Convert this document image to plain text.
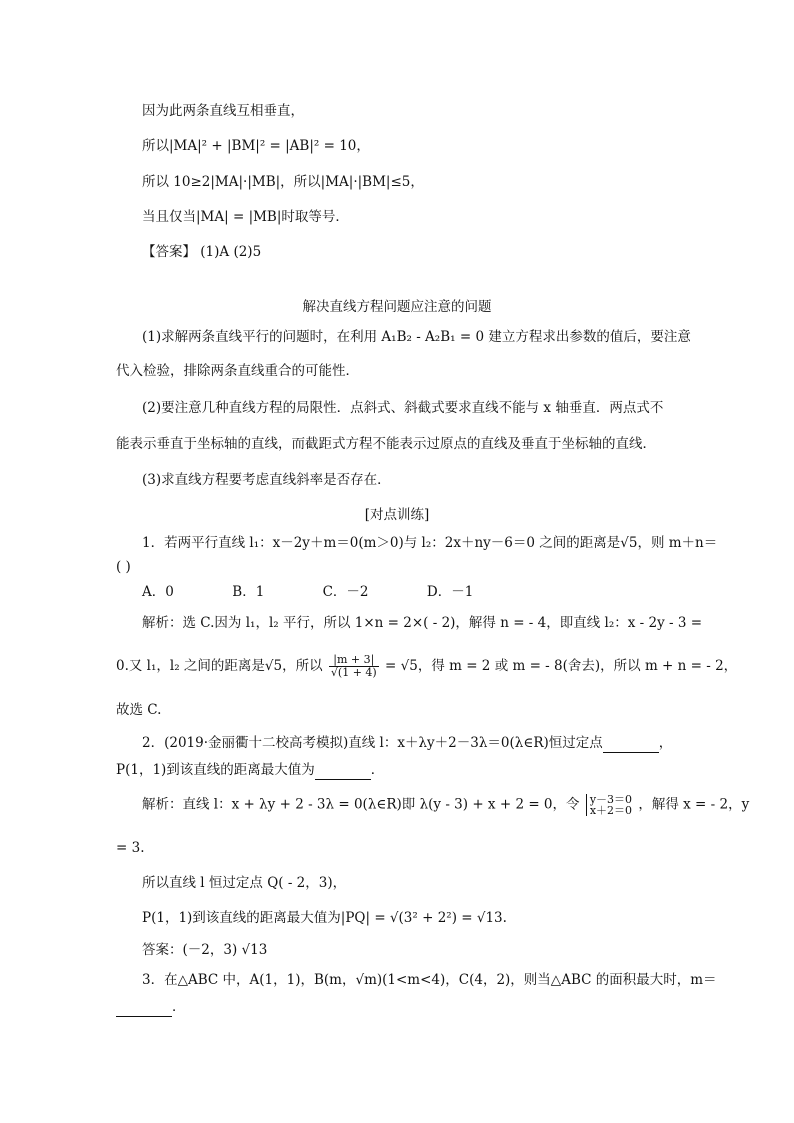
因为此两条直线互相垂直，
所以|MA|² + |BM|² = |AB|² = 10，
所以 10≥2|MA|·|MB|，所以|MA|·|BM|≤5，
当且仅当|MA| = |MB|时取等号．
【答案】 (1)A (2)5
解决直线方程问题应注意的问题
(1)求解两条直线平行的问题时，在利用 A₁B₂ - A₂B₁ = 0 建立方程求出参数的值后，要注意
代入检验，排除两条直线重合的可能性．
(2)要注意几种直线方程的局限性．点斜式、斜截式要求直线不能与 x 轴垂直．两点式不
能表示垂直于坐标轴的直线，而截距式方程不能表示过原点的直线及垂直于坐标轴的直线．
(3)求直线方程要考虑直线斜率是否存在．
[对点训练]
1．若两平行直线 l₁：x－2y＋m＝0(m＞0)与 l₂：2x＋ny－6＝0 之间的距离是√5，则 m＋n＝
( )
A．0	B．1	C．－2	D．－1
解析：选 C.因为 l₁，l₂ 平行，所以 1×n = 2×( - 2)，解得 n = - 4，即直线 l₂：x - 2y - 3 =
0.又 l₁，l₂ 之间的距离是√5，所以 $\frac{|m + 3|}{√(1 + 4)} = √5$，得 m = 2 或 m = - 8(舍去)，所以 m + n = - 2，
故选 C.
2．(2019·金丽衢十二校高考模拟)直线 l：x＋λy＋2－3λ＝0(λ∈R)恒过定点	，
P(1，1)到该直线的距离最大值为	．
解析：直线 l：x + λy + 2 - 3λ = 0(λ∈R)即 λ(y - 3) + x + 2 = 0，令 y－3＝0
x＋2＝0 ，解得 x = - 2，y
= 3.
所以直线 l 恒过定点 Q( - 2，3)，
P(1，1)到该直线的距离最大值为|PQ| = √(3² + 2²) = √13.
答案：(－2，3) √13
3．在△ABC 中，A(1，1)，B(m，√m)(1<m<4)，C(4，2)，则当△ABC 的面积最大时，m＝
．
